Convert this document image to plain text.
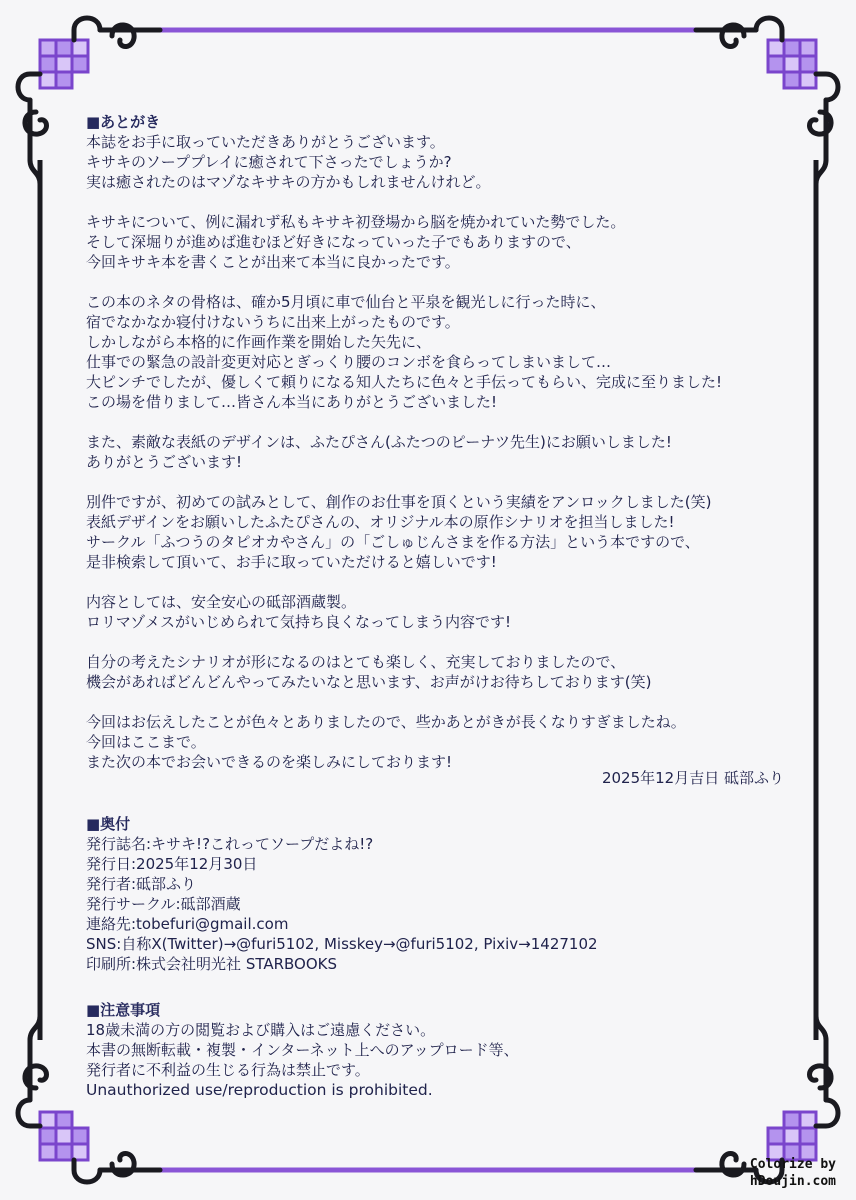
■あとがき

本誌をお手に取っていただきありがとうございます。
キサキのソーププレイに癒されて下さったでしょうか?
実は癒されたのはマゾなキサキの方かもしれませんけれど。

キサキについて、例に漏れず私もキサキ初登場から脳を焼かれていた勢でした。
そして深堀りが進めば進むほど好きになっていった子でもありますので、
今回キサキ本を書くことが出来て本当に良かったです。

この本のネタの骨格は、確か5月頃に車で仙台と平泉を観光しに行った時に、
宿でなかなか寝付けないうちに出来上がったものです。
しかしながら本格的に作画作業を開始した矢先に、
仕事での緊急の設計変更対応とぎっくり腰のコンボを食らってしまいまして…
大ピンチでしたが、優しくて頼りになる知人たちに色々と手伝ってもらい、完成に至りました!
この場を借りまして…皆さん本当にありがとうございました!

また、素敵な表紙のデザインは、ふたぴさん(ふたつのピーナツ先生)にお願いしました!
ありがとうございます!

別件ですが、初めての試みとして、創作のお仕事を頂くという実績をアンロックしました(笑)
表紙デザインをお願いしたふたぴさんの、オリジナル本の原作シナリオを担当しました!
サークル「ふつうのタピオカやさん」の「ごしゅじんさまを作る方法」という本ですので、
是非検索して頂いて、お手に取っていただけると嬉しいです!

内容としては、安全安心の砥部酒蔵製。
ロリマゾメスがいじめられて気持ち良くなってしまう内容です!

自分の考えたシナリオが形になるのはとても楽しく、充実しておりましたので、
機会があればどんどんやってみたいなと思います、お声がけお待ちしております(笑)

今回はお伝えしたことが色々とありましたので、些かあとがきが長くなりすぎましたね。
今回はここまで。
また次の本でお会いできるのを楽しみにしております!

2025年12月吉日 砥部ふり

■奥付

発行誌名:キサキ!?これってソープだよね!?
発行日:2025年12月30日
発行者:砥部ふり
発行サークル:砥部酒蔵
連絡先:tobefuri@gmail.com
SNS:自称X(Twitter)→@furi5102, Misskey→@furi5102, Pixiv→1427102
印刷所:株式会社明光社 STARBOOKS

■注意事項

18歳未満の方の閲覧および購入はご遠慮ください。
本書の無断転載・複製・インターネット上へのアップロード等、
発行者に不利益の生じる行為は禁止です。
Unauthorized use/reproduction is prohibited.
Colorize by
hDoujin.com
